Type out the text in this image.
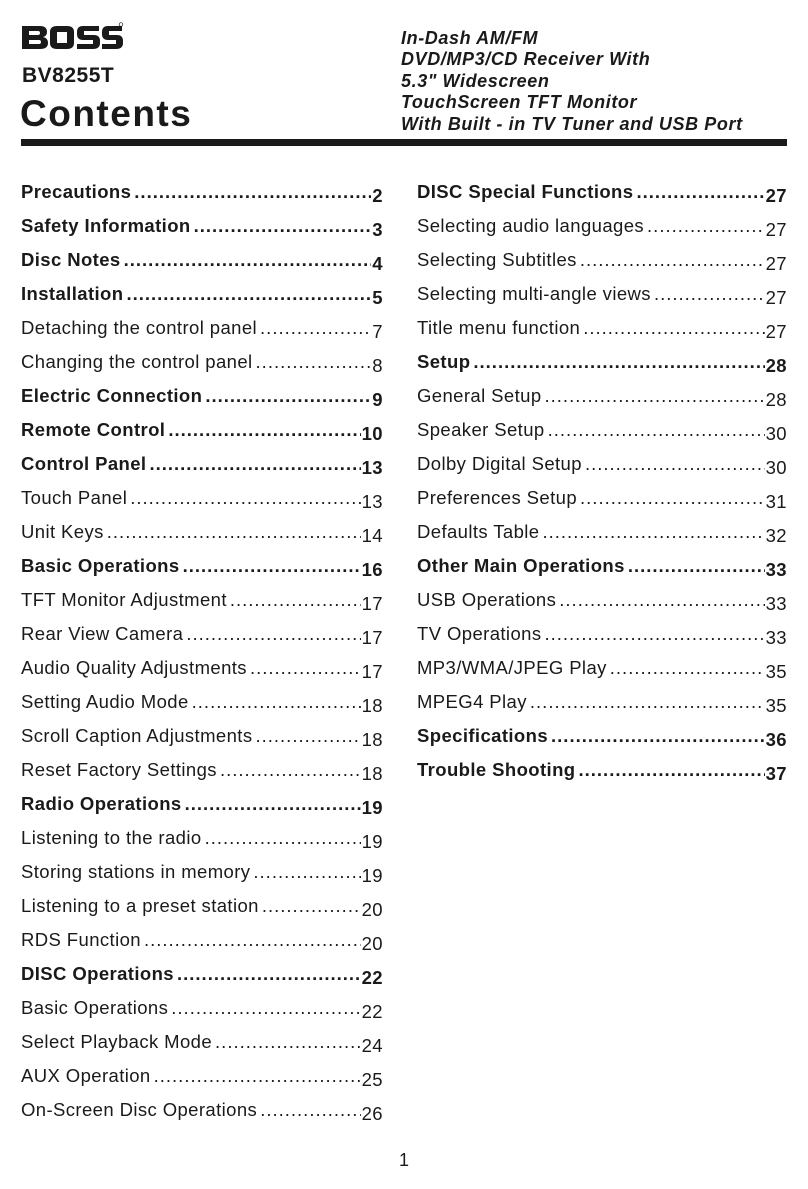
BV8255T
Contents
In-Dash AM/FM
DVD/MP3/CD Receiver With
5.3" Widescreen
TouchScreen TFT Monitor
With Built - in TV Tuner and USB Port
Precautions .....	2
Safety Information .....	3
Disc Notes .....	4
Installation .....	5
Detaching the control panel .....	7
Changing the control panel .....	8
Electric Connection .....	9
Remote Control .....	10
Control Panel .....	13
Touch Panel .....	13
Unit Keys .....	14
Basic Operations .....	16
TFT Monitor Adjustment .....	17
Rear View Camera .....	17
Audio Quality Adjustments .....	17
Setting Audio Mode .....	18
Scroll Caption Adjustments .....	18
Reset Factory Settings .....	18
Radio Operations .....	19
Listening to the radio .....	19
Storing stations in memory .....	19
Listening to a preset station .....	20
RDS Function .....	20
DISC Operations .....	22
Basic Operations .....	22
Select Playback Mode .....	24
AUX Operation .....	25
On-Screen Disc Operations .....	26
DISC Special Functions .....	27
Selecting audio languages .....	27
Selecting Subtitles .....	27
Selecting multi-angle views .....	27
Title menu function .....	27
Setup .....	28
General Setup .....	28
Speaker Setup .....	30
Dolby Digital Setup .....	30
Preferences Setup .....	31
Defaults Table .....	32
Other Main Operations .....	33
USB Operations .....	33
TV Operations .....	33
MP3/WMA/JPEG Play .....	35
MPEG4 Play .....	35
Specifications .....	36
Trouble Shooting .....	37
1
